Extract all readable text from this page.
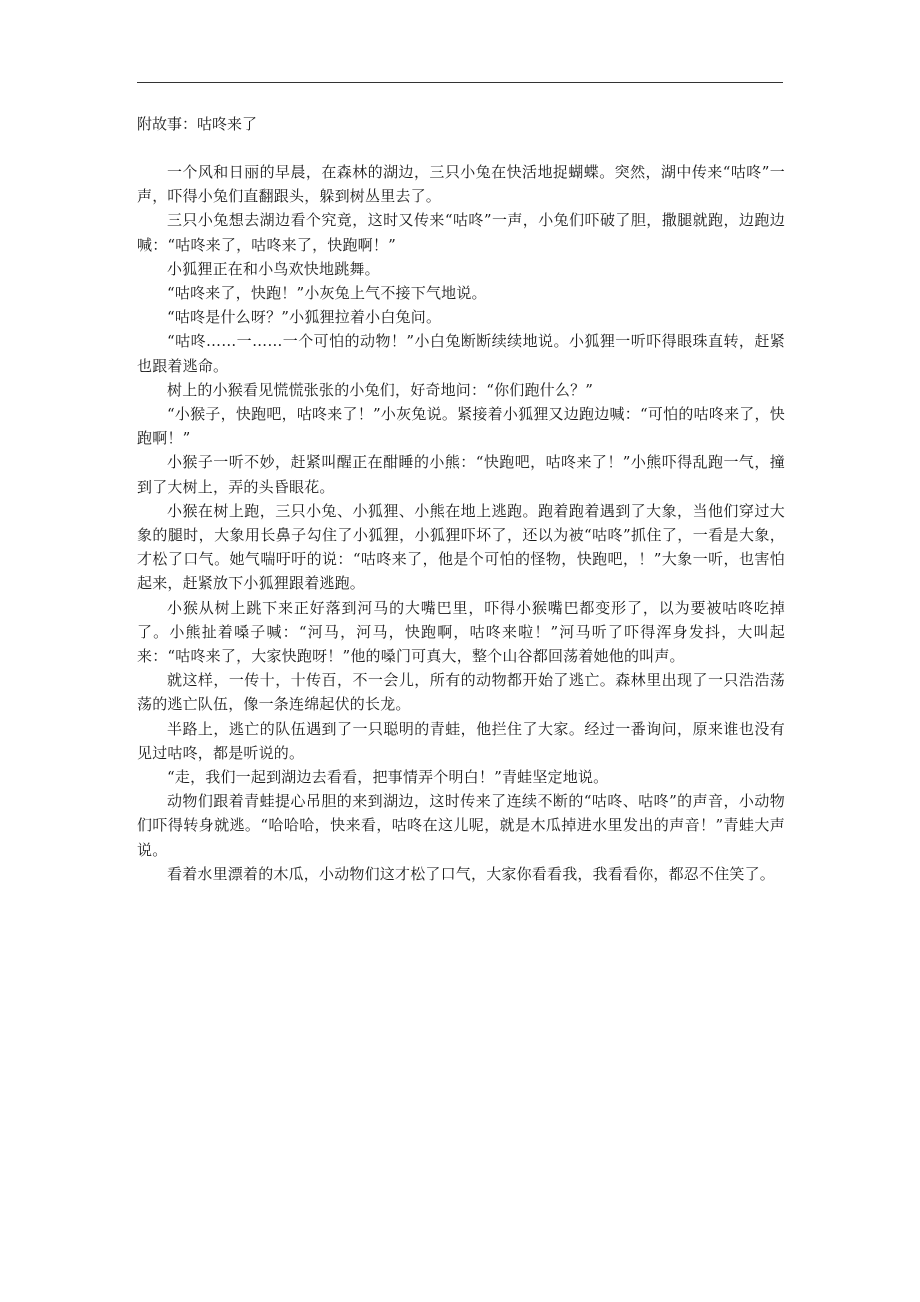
附故事：咕咚来了

一个风和日丽的早晨，在森林的湖边，三只小兔在快活地捉蝴蝶。突然，湖中传来“咕咚”一声，吓得小兔们直翻跟头，躲到树丛里去了。

三只小兔想去湖边看个究竟，这时又传来“咕咚”一声，小兔们吓破了胆，撒腿就跑，边跑边喊：“咕咚来了，咕咚来了，快跑啊！”

小狐狸正在和小鸟欢快地跳舞。

“咕咚来了，快跑！”小灰兔上气不接下气地说。

“咕咚是什么呀？”小狐狸拉着小白兔问。

“咕咚……一……一个可怕的动物！”小白兔断断续续地说。小狐狸一听吓得眼珠直转，赶紧也跟着逃命。

树上的小猴看见慌慌张张的小兔们，好奇地问：“你们跑什么？”

“小猴子，快跑吧，咕咚来了！”小灰兔说。紧接着小狐狸又边跑边喊：“可怕的咕咚来了，快跑啊！”

小猴子一听不妙，赶紧叫醒正在酣睡的小熊：“快跑吧，咕咚来了！”小熊吓得乱跑一气，撞到了大树上，弄的头昏眼花。

小猴在树上跑，三只小兔、小狐狸、小熊在地上逃跑。跑着跑着遇到了大象，当他们穿过大象的腿时，大象用长鼻子勾住了小狐狸，小狐狸吓坏了，还以为被“咕咚”抓住了，一看是大象，才松了口气。她气喘吁吁的说：“咕咚来了，他是个可怕的怪物，快跑吧，！”大象一听，也害怕起来，赶紧放下小狐狸跟着逃跑。

小猴从树上跳下来正好落到河马的大嘴巴里，吓得小猴嘴巴都变形了，以为要被咕咚吃掉了。小熊扯着嗓子喊：“河马，河马，快跑啊，咕咚来啦！”河马听了吓得浑身发抖，大叫起来：“咕咚来了，大家快跑呀！”他的嗓门可真大，整个山谷都回荡着她他的叫声。

就这样，一传十，十传百，不一会儿，所有的动物都开始了逃亡。森林里出现了一只浩浩荡荡的逃亡队伍，像一条连绵起伏的长龙。

半路上，逃亡的队伍遇到了一只聪明的青蛙，他拦住了大家。经过一番询问，原来谁也没有见过咕咚，都是听说的。

“走，我们一起到湖边去看看，把事情弄个明白！”青蛙坚定地说。

动物们跟着青蛙提心吊胆的来到湖边，这时传来了连续不断的“咕咚、咕咚”的声音，小动物们吓得转身就逃。“哈哈哈，快来看，咕咚在这儿呢，就是木瓜掉进水里发出的声音！”青蛙大声说。

看着水里漂着的木瓜，小动物们这才松了口气，大家你看看我，我看看你，都忍不住笑了。
